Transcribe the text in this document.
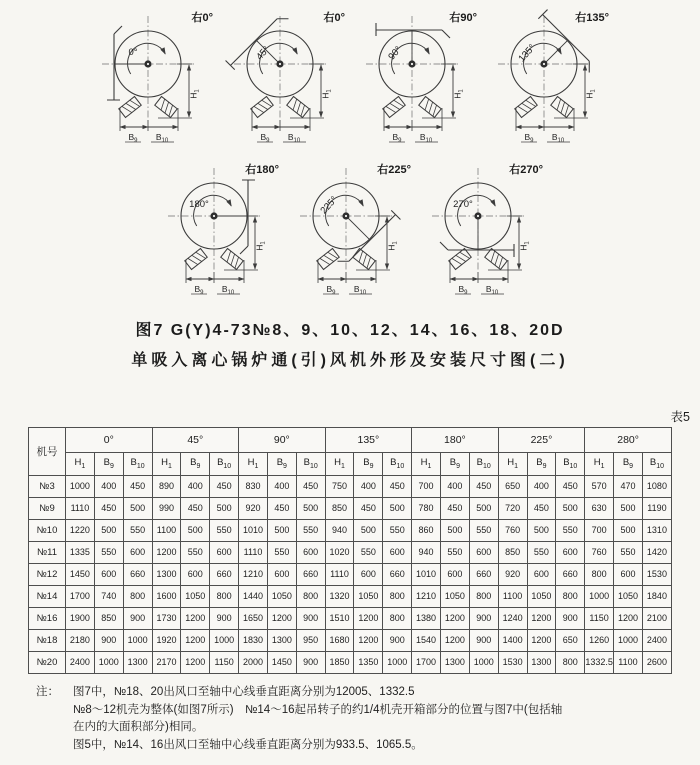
0°
$H_1$
$B_9$ $B_{10}$
右0°
45°
$H_1$
$B_9$ $B_{10}$
右0°
90°
$H_1$
$B_9$ $B_{10}$
右90°
135°
$H_1$
$B_9$ $B_{10}$
右135°
180°
$H_1$
$B_9$ $B_{10}$
右180°
225°
$H_1$
$B_9$ $B_{10}$
右225°
270°
$H_1$
$B_9$ $B_{10}$
右270°
图7 G(Y)4-73№8、9、10、12、14、16、18、20D
单吸入离心锅炉通(引)风机外形及安装尺寸图(二)
表5
机号	0°			45°			90°			135°			180°			225°			280°		
	$H_1$	$B_9$	$B_{10}$	$H_1$	$B_9$	$B_{10}$	$H_1$	$B_9$	$B_{10}$	$H_1$	$B_9$	$B_{10}$	$H_1$	$B_9$	$B_{10}$	$H_1$	$B_9$	$B_{10}$	$H_1$	$B_9$	$B_{10}$
№3	1000	400	450	890	400	450	830	400	450	750	400	450	700	400	450	650	400	450	570	470	1080
№9	1110	450	500	990	450	500	920	450	500	850	450	500	780	450	500	720	450	500	630	500	1190
№10	1220	500	550	1100	500	550	1010	500	550	940	500	550	860	500	550	760	500	550	700	500	1310
№11	1335	550	600	1200	550	600	1110	550	600	1020	550	600	940	550	600	850	550	600	760	550	1420
№12	1450	600	660	1300	600	660	1210	600	660	1110	600	660	1010	600	660	920	600	660	800	600	1530
№14	1700	740	800	1600	1050	800	1440	1050	800	1320	1050	800	1210	1050	800	1100	1050	800	1000	1050	1840
№16	1900	850	900	1730	1200	900	1650	1200	900	1510	1200	800	1380	1200	900	1240	1200	900	1150	1200	2100
№18	2180	900	1000	1920	1200	1000	1830	1300	950	1680	1200	900	1540	1200	900	1400	1200	650	1260	1000	2400
№20	2400	1000	1300	2170	1200	1150	2000	1450	900	1850	1350	1000	1700	1300	1000	1530	1300	800	1332.5	1100	2600
注： 图7中，№18、20出风口至轴中心线垂直距离分别为12005、1332.5
№8～12机壳为整体(如图7所示)　№14～16起吊转子的约1/4机壳开箱部分的位置与图7中(包括轴
在内的大面积部分)相同。
图5中，№14、16出风口至轴中心线垂直距离分别为933.5、1065.5。
